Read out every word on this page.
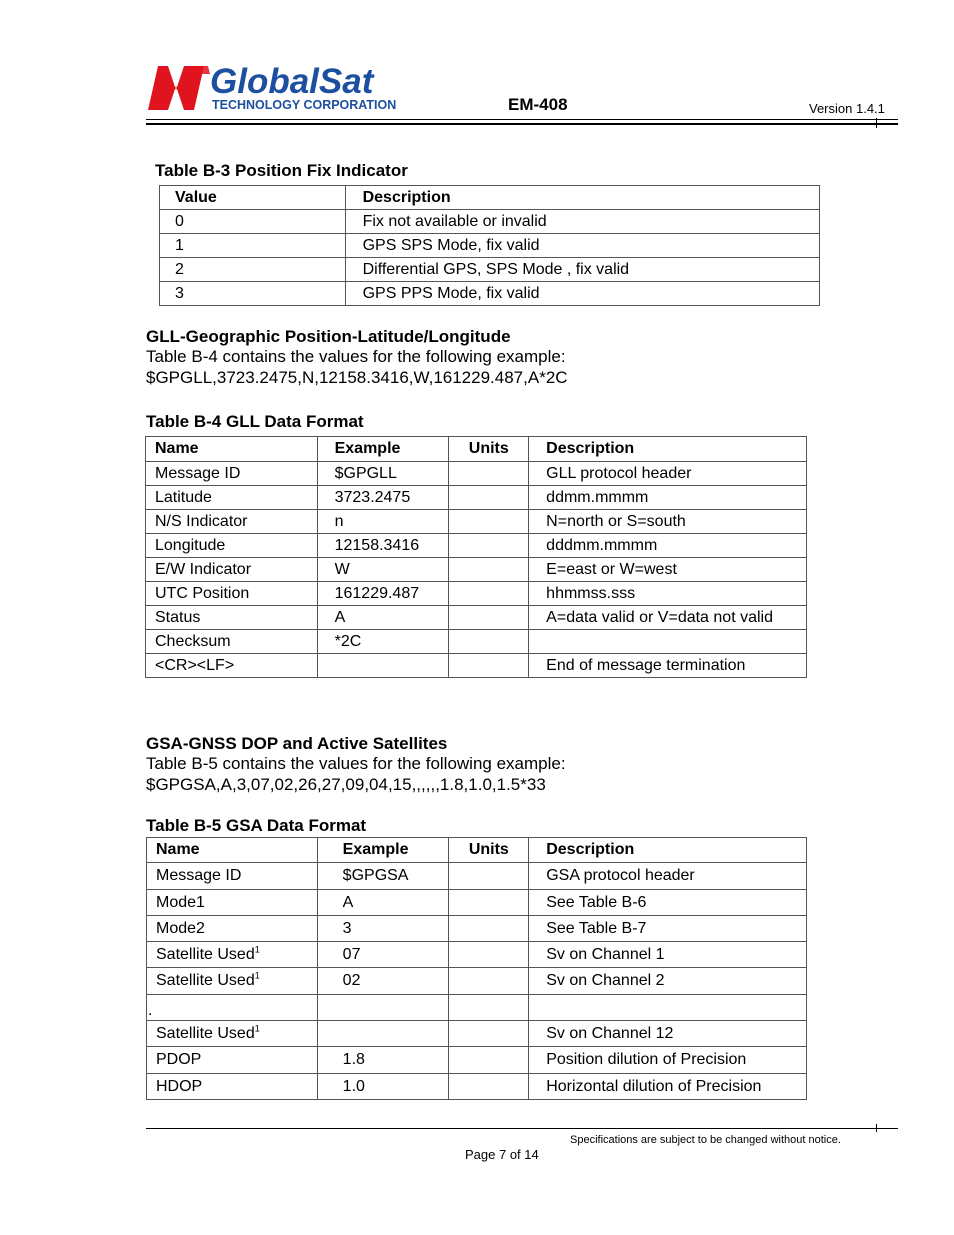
GlobalSat
TECHNOLOGY CORPORATION	EM-408	Version 1.4.1
Table B-3 Position Fix Indicator
Value	Description
0	Fix not available or invalid
1	GPS SPS Mode, fix valid
2	Differential GPS, SPS Mode , fix valid
3	GPS PPS Mode, fix valid
GLL-Geographic Position-Latitude/Longitude
Table B-4 contains the values for the following example:
$GPGLL,3723.2475,N,12158.3416,W,161229.487,A*2C
Table B-4 GLL Data Format
Name	Example	Units	Description
Message ID	$GPGLL		GLL protocol header
Latitude	3723.2475		ddmm.mmmm
N/S Indicator	n		N=north or S=south
Longitude	12158.3416		dddmm.mmmm
E/W Indicator	W		E=east or W=west
UTC Position	161229.487		hhmmss.sss
Status	A		A=data valid or V=data not valid
Checksum	*2C		
<CR><LF>			End of message termination
GSA-GNSS DOP and Active Satellites
Table B-5 contains the values for the following example:
$GPGSA,A,3,07,02,26,27,09,04,15,,,,,,1.8,1.0,1.5*33
Table B-5 GSA Data Format
Name	Example	Units	Description
Message ID	$GPGSA		GSA protocol header
Mode1	A		See Table B-6
Mode2	3		See Table B-7
Satellite Used$^1$	07		Sv on Channel 1
Satellite Used$^1$	02		Sv on Channel 2
.			
Satellite Used$^1$			Sv on Channel 12
PDOP	1.8		Position dilution of Precision
HDOP	1.0		Horizontal dilution of Precision
Specifications are subject to be changed without notice.
Page 7 of 14
